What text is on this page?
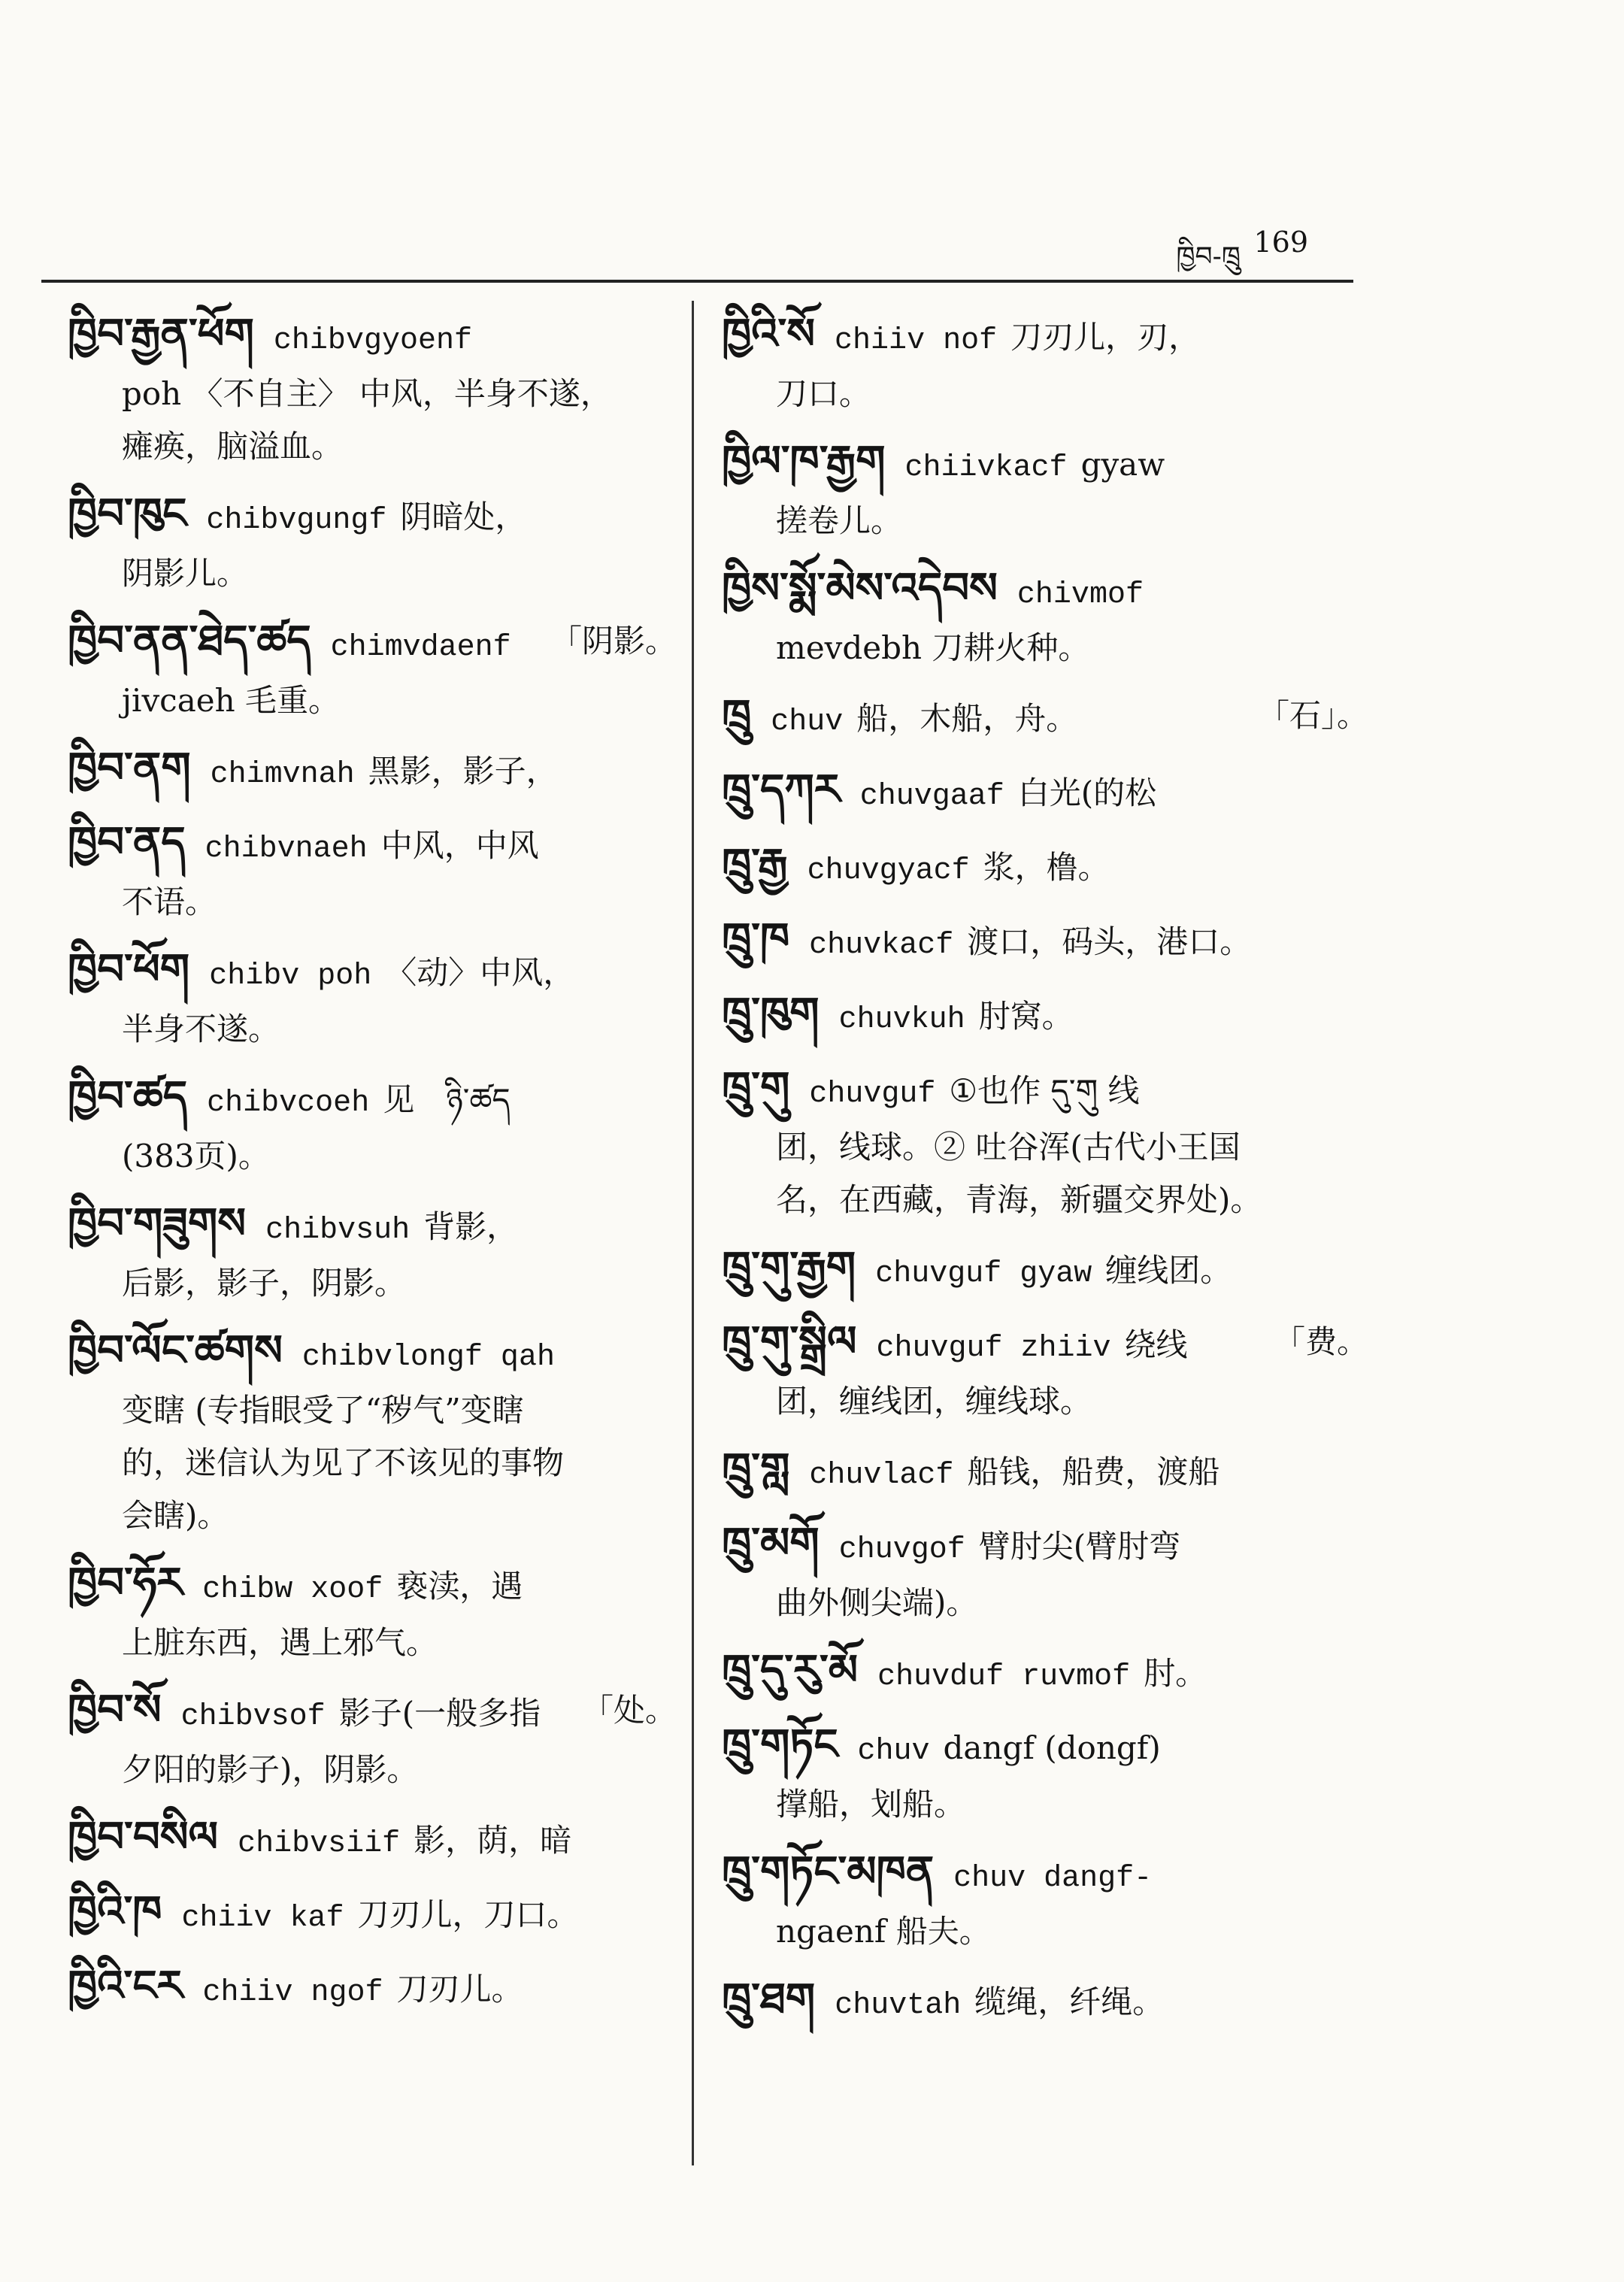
ཁྱིབ-ཁྲུ 169
ཁྱིབ་རྒྱན་ཕོག chibvgyoenf
poh 〈不自主〉 中风，半身不遂，
瘫痪，脑溢血。
ཁྱིབ་ཁུང chibvgungf 阴暗处，
阴影儿。
「阴影。
ཁྱིབ་ནན་ཐེད་ཚད chimvdaenf
jivcaeh 毛重。
ཁྱིབ་ནག chimvnah 黑影，影子，
ཁྱིབ་ནད chibvnaeh 中风，中风
不语。
ཁྱིབ་ཕོག chibv poh 〈动〉中风，
半身不遂。
ཁྱིབ་ཚད chibvcoeh 见　ཉི་ཚད
(383页)。
ཁྱིབ་གཟུགས chibvsuh 背影，
后影，影子，阴影。
ཁྱིབ་ལོང་ཚགས chibvlongf qah
变瞎 (专指眼受了“秽气”变瞎
的，迷信认为见了不该见的事物
会瞎)。
ཁྱིབ་ཧོར chibw xoof 亵渎，遇
上脏东西，遇上邪气。
「处。
ཁྱིབ་སོ chibvsof 影子(一般多指
夕阳的影子)，阴影。
ཁྱིབ་བསིལ chibvsiif 影，荫，暗
ཁྱིའི་ཁ chiiv kaf 刀刃儿，刀口。
ཁྱིའི་ངར chiiv ngof 刀刃儿。
ཁྱིའི་སོ chiiv nof 刀刃儿，刃，
刀口。
ཁྱིལ་ཁ་རྒྱག chiivkacf gyaw
搓卷儿。
ཁྱིས་སྨོ་མེས་འདེབས chivmof
mevdebh 刀耕火种。
「石」。
ཁྲུ chuv 船，木船，舟。
ཁྲུ་དཀར chuvgaaf 白光(的松
ཁྲུ་རྒྱ chuvgyacf 浆，橹。
ཁྲུ་ཁ chuvkacf 渡口，码头，港口。
ཁྲུ་ཁུག chuvkuh 肘窝。
ཁྲུ་གུ chuvguf ①也作 དུ་གུ 线
团，线球。② 吐谷浑(古代小王国
名，在西藏，青海，新疆交界处)。
ཁྲུ་གུ་རྒྱག chuvguf gyaw 缠线团。
「费。
ཁྲུ་གུ་སྒྲིལ chuvguf zhiiv 绕线
团，缠线团，缠线球。
ཁྲུ་གླ chuvlacf 船钱，船费，渡船
ཁྲུ་མགོ chuvgof 臂肘尖(臂肘弯
曲外侧尖端)。
ཁྲུ་དུ་རུ་མོ chuvduf ruvmof 肘。
ཁྲུ་གཏོང chuv dangf (dongf)
撑船，划船。
ཁྲུ་གཏོང་མཁན chuv dangf-
ngaenf 船夫。
ཁྲུ་ཐག chuvtah 缆绳，纤绳。
